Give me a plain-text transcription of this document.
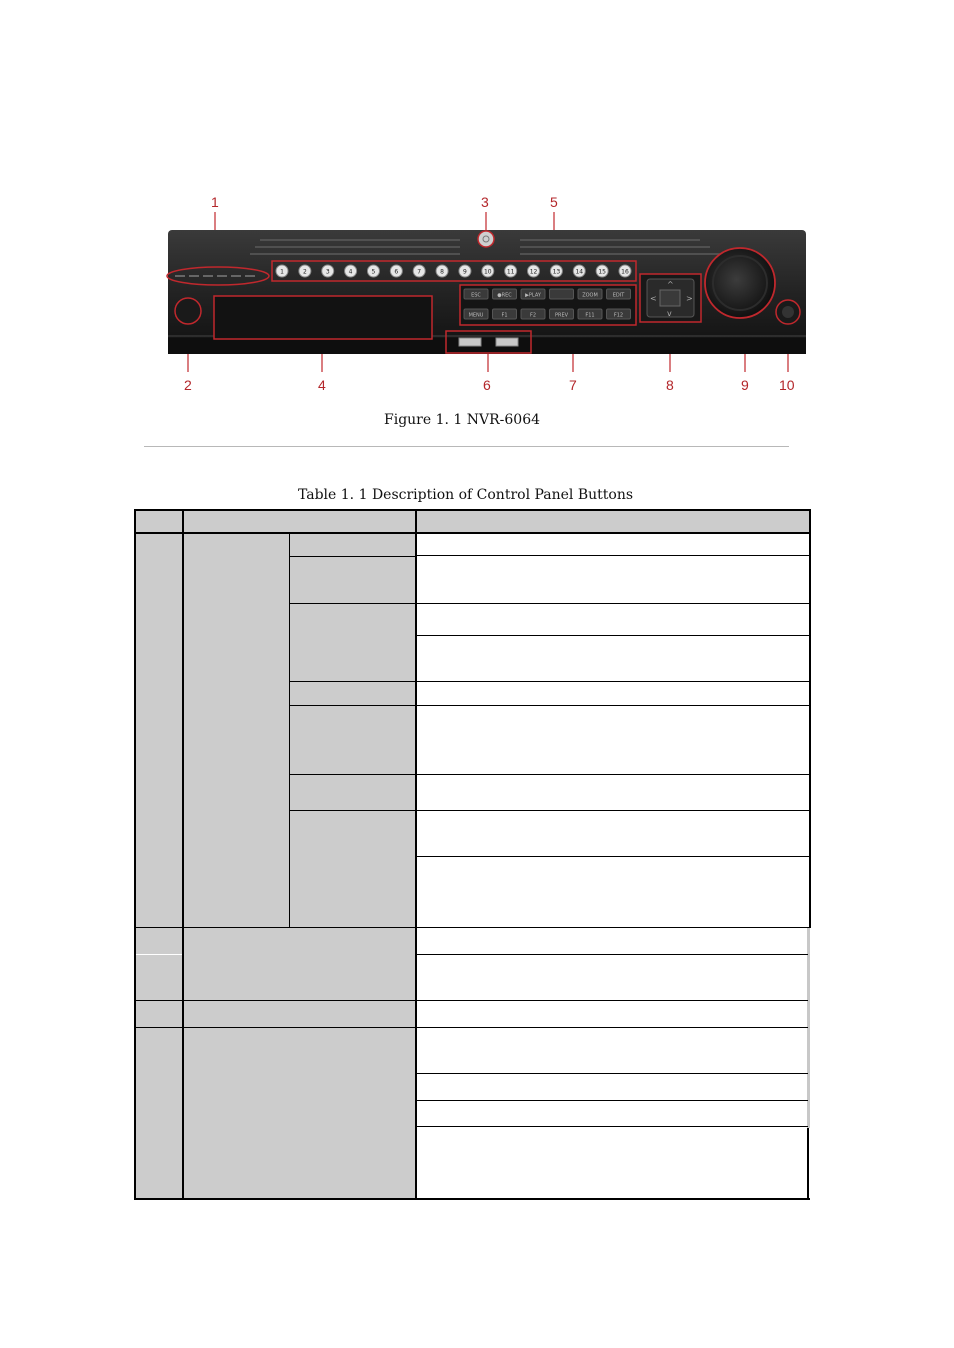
1	3	5
2	4	6	7	8	9 10
1	2	3	4	5	6	7	8	9	10	11	12	13	14	15	16
ESC	●REC	▶PLAY	ZOOM	EDIT
MENU	F1	F2	PREV	F11	F12
^
v
<	>
Figure 1. 1 NVR-6064
Table 1. 1 Description of Control Panel Buttons
